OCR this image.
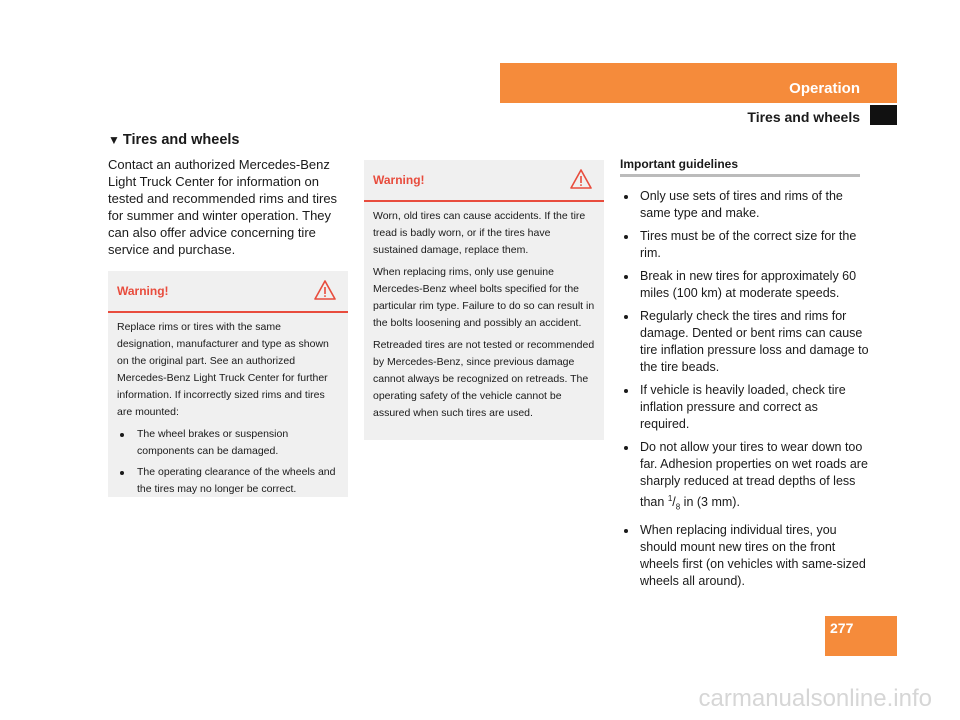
Operation
Tires and wheels
▼ Tires and wheels
Contact an authorized Mercedes-Benz Light Truck Center for information on tested and recommended rims and tires for summer and winter operation. They can also offer advice concerning tire service and purchase.
Warning!

Replace rims or tires with the same designation, manufacturer and type as shown on the original part. See an authorized Mercedes-Benz Light Truck Center for further information. If incorrectly sized rims and tires are mounted:

The wheel brakes or suspension components can be damaged.
The operating clearance of the wheels and the tires may no longer be correct.
Warning!

Worn, old tires can cause accidents. If the tire tread is badly worn, or if the tires have sustained damage, replace them.

When replacing rims, only use genuine Mercedes-Benz wheel bolts specified for the particular rim type. Failure to do so can result in the bolts loosening and possibly an accident.

Retreaded tires are not tested or recommended by Mercedes-Benz, since previous damage cannot always be recognized on retreads. The operating safety of the vehicle cannot be assured when such tires are used.

Important guidelines
Only use sets of tires and rims of the same type and make.
Tires must be of the correct size for the rim.
Break in new tires for approximately 60 miles (100 km) at moderate speeds.
Regularly check the tires and rims for damage. Dented or bent rims can cause tire inflation pressure loss and damage to the tire beads.
If vehicle is heavily loaded, check tire inflation pressure and correct as required.
Do not allow your tires to wear down too far. Adhesion properties on wet roads are sharply reduced at tread depths of less than $^1/_8$ in (3 mm).
When replacing individual tires, you should mount new tires on the front wheels first (on vehicles with same-sized wheels all around).
277
carmanualsonline.info
